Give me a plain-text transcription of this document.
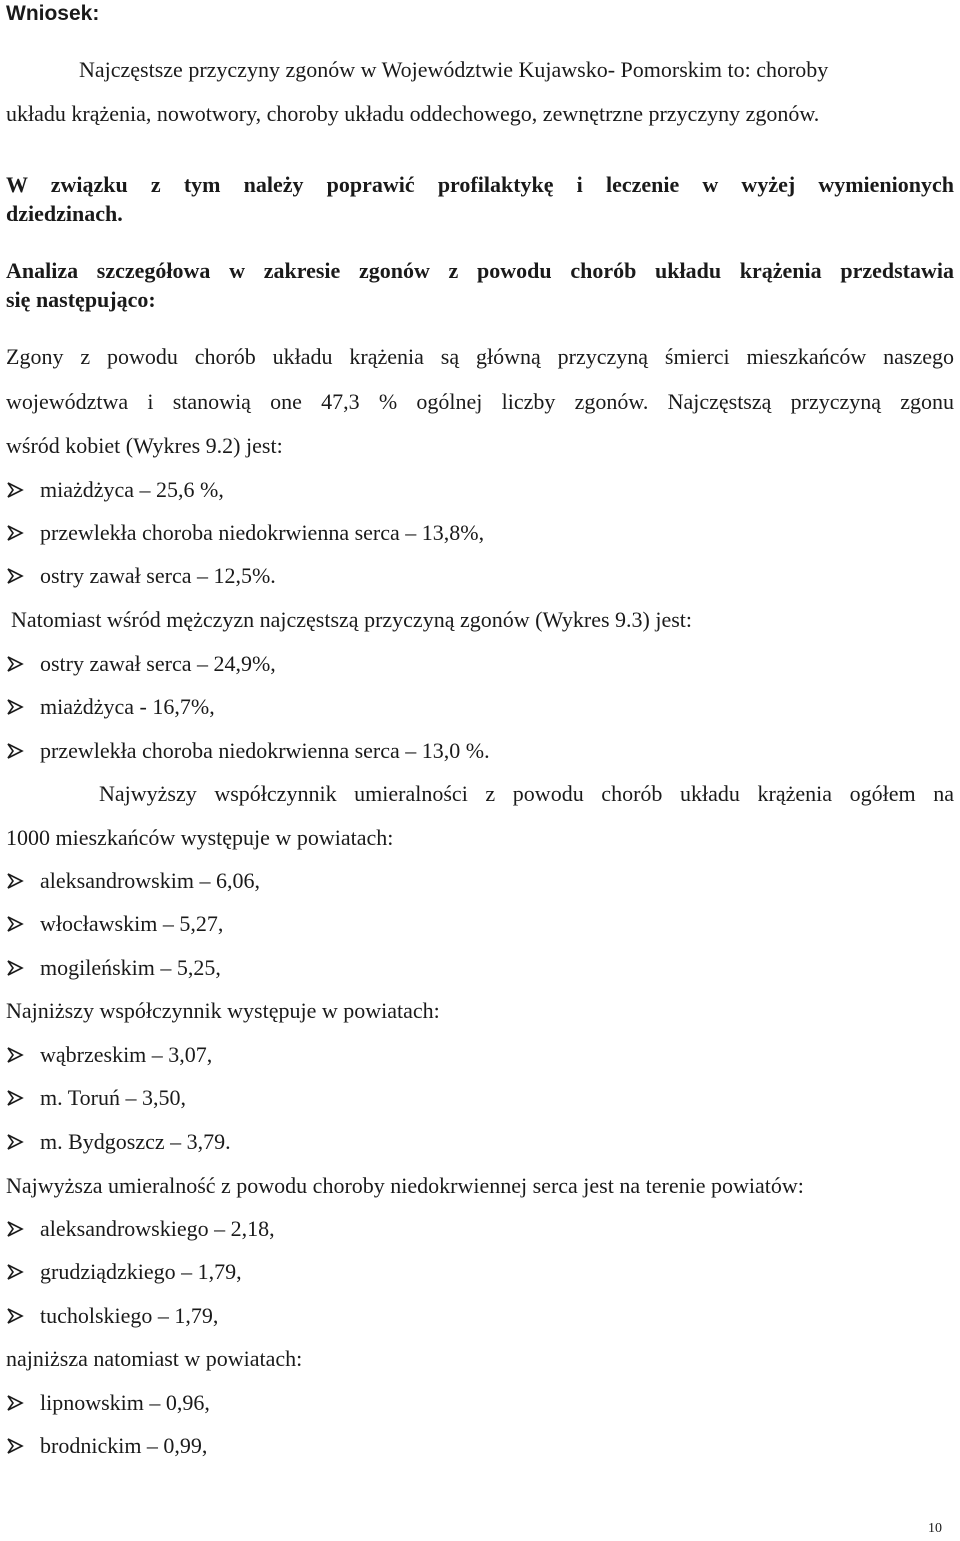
Wniosek:
Najczęstsze przyczyny zgonów w Województwie Kujawsko- Pomorskim to: choroby
układu krążenia, nowotwory, choroby układu oddechowego, zewnętrzne przyczyny zgonów.
W związku z tym należy poprawić profilaktykę i leczenie w wyżej wymienionych
dziedzinach.
Analiza szczegółowa w zakresie zgonów z powodu chorób układu krążenia przedstawia
się następująco:
Zgony z powodu chorób układu krążenia są główną przyczyną śmierci mieszkańców naszego
województwa i stanowią one 47,3 % ogólnej liczby zgonów. Najczęstszą przyczyną zgonu
wśród kobiet (Wykres 9.2) jest:
miażdżyca – 25,6 %,
przewlekła choroba niedokrwienna serca – 13,8%,
ostry zawał serca – 12,5%.
Natomiast wśród mężczyzn najczęstszą przyczyną zgonów (Wykres 9.3) jest:
ostry zawał serca – 24,9%,
miażdżyca - 16,7%,
przewlekła choroba niedokrwienna serca – 13,0 %.
Najwyższy współczynnik umieralności z powodu chorób układu krążenia ogółem na
1000 mieszkańców występuje w powiatach:
aleksandrowskim – 6,06,
włocławskim – 5,27,
mogileńskim – 5,25,
Najniższy współczynnik występuje w powiatach:
wąbrzeskim – 3,07,
m. Toruń – 3,50,
m. Bydgoszcz – 3,79.
Najwyższa umieralność z powodu choroby niedokrwiennej serca jest na terenie powiatów:
aleksandrowskiego – 2,18,
grudziądzkiego – 1,79,
tucholskiego – 1,79,
najniższa natomiast w powiatach:
lipnowskim – 0,96,
brodnickim – 0,99,
10
